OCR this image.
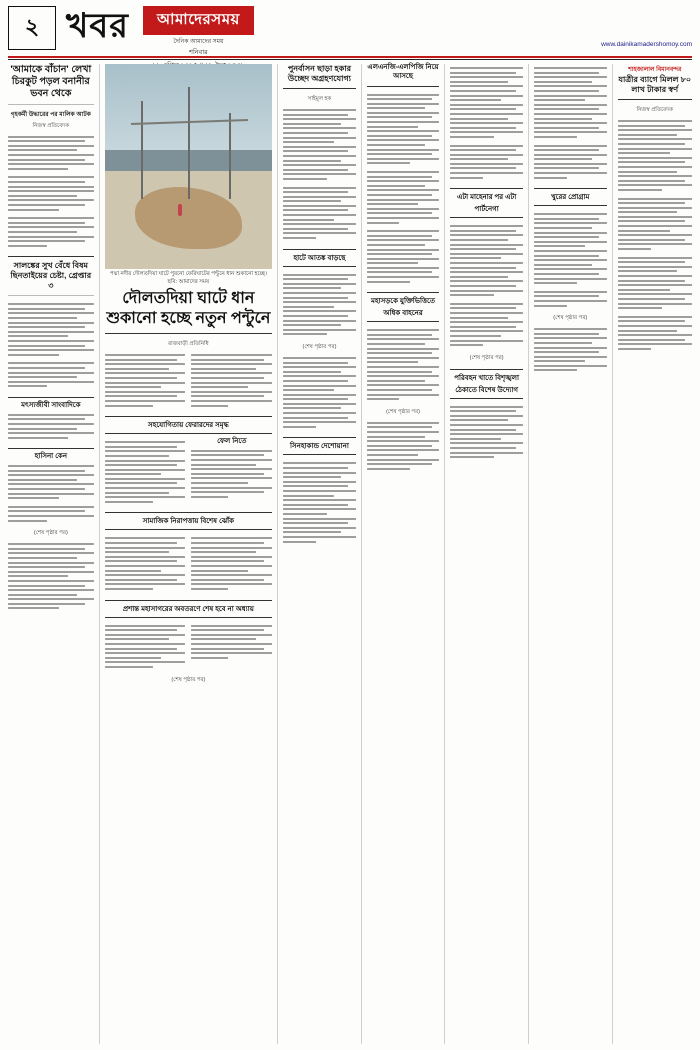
২ খবর	আমাদেরসময়
দৈনিক আমাদের সময়
শনিবার
www.dainikamadershomoy.com
'আমাকে বাঁচান' লেখা চিরকুট পড়ল বনানীর ভবন থেকে
গৃহকর্মী উদ্ধারের পর মালিক আটক
নিজস্ব প্রতিবেদক
সালঙ্কের সুখ বেঁধে বিষম ছিনতাইয়ের চেষ্টা, গ্রেপ্তার ৩
মৎস্যজীবী সাংবাদিকে
হাসিনা কেন
(শেষ পৃষ্ঠার পর)
পদ্মা নদীর দৌলতদিয়া ঘাটে পুরনো ফেরিঘাটের পন্টুনে ধান শুকানো হচ্ছে। ছবি: আমাদের সময়
দৌলতদিয়া ঘাটে ধান শুকানো হচ্ছে নতুন পন্টুনে
রাজবাড়ী প্রতিনিধি
সহযোগিতায় ফেরারদের সমৃদ্ধ
ফেল নিতে
সামাজিক নিরাপত্তায় বিশেষ ঝোঁক
প্রশান্ত মহাসাগরের অবতরণে শেষ হবে না অধ্যায়
(শেষ পৃষ্ঠার পর)
পুনর্বাসন ছাড়া হকার উচ্ছেদ অগ্রহণযোগ্য
সাইমুল হক
হাটে আতঙ্ক বাড়ছে
(শেষ পৃষ্ঠার পর)
সিনহাকান্ড দেশোয়ানা
এলএনজি-এলপিজি নিয়ে আসছে
মহাসড়কে যুক্তিভিত্তিতে অধিক বাহনের
(শেষ পৃষ্ঠার পর)
এটা মাহেনার পর এটা পার্টনেগা
(শেষ পৃষ্ঠার পর)
পরিবহন খাতে বিশৃঙ্খলা ঠেকাতে বিশেষ উদ্যোগ
খুরের প্রোগ্রাম
(শেষ পৃষ্ঠার পর)
শাহজালাল বিমানবন্দর
যাত্রীর ব্যাগে মিলল ৮০ লাখ টাকার স্বর্ণ
নিজস্ব প্রতিবেদক
